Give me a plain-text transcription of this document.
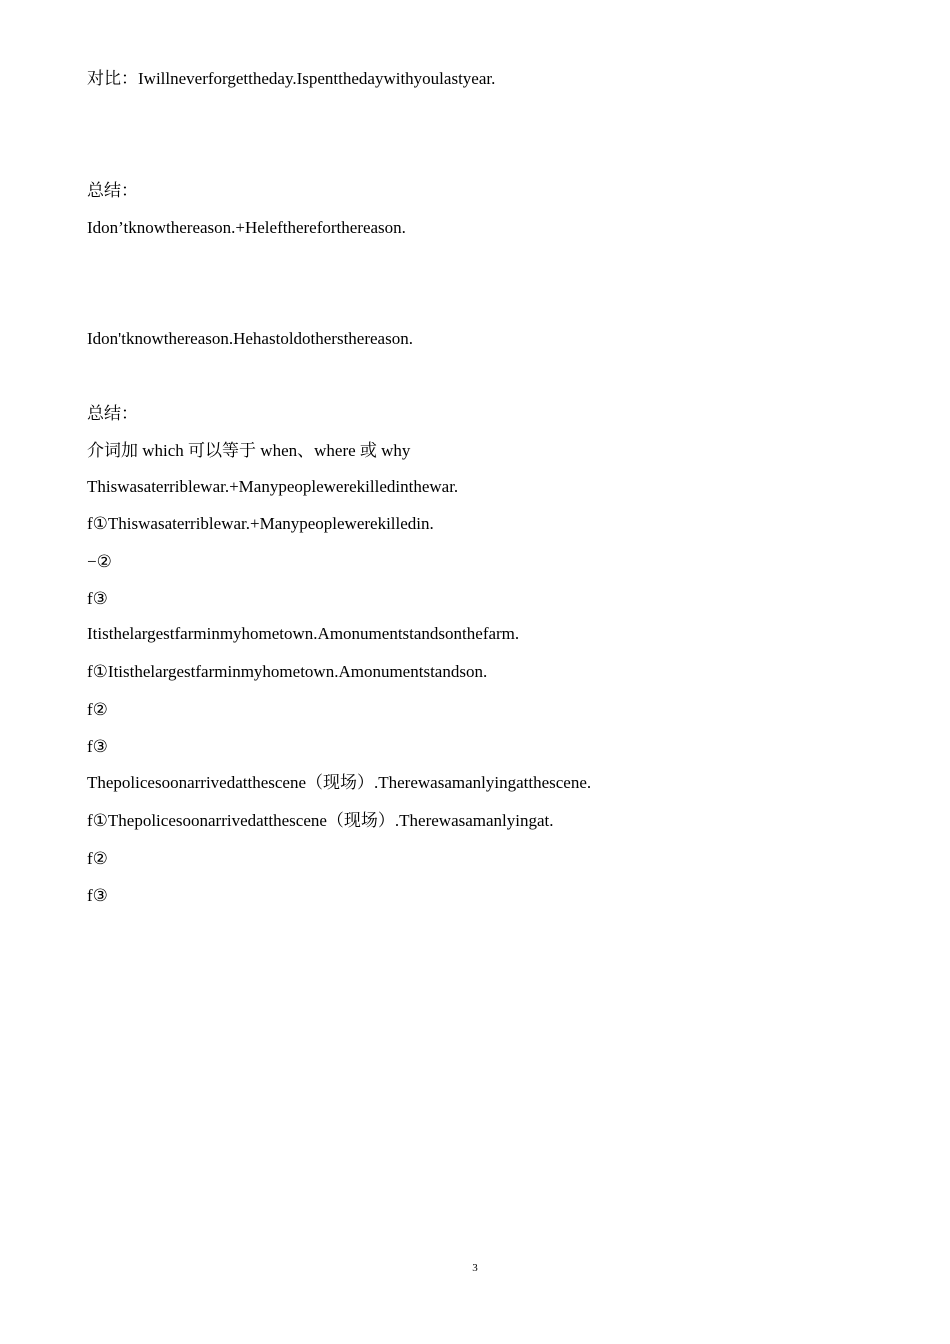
对比：Iwillneverforgettheday.Ispentthedaywithyoulastyear.
总结：
Idon’tknowthereason.+Helefthereforthereason.
Idon'tknowthereason.Hehastoldothersthereason.
总结：
介词加 which 可以等于 when、where 或 why
Thiswasaterriblewar.+Manypeoplewerekilledinthewar.
f①Thiswasaterriblewar.+Manypeoplewerekilledin.
−②
f③
Itisthelargestfarminmyhometown.Amonumentstandsonthefarm.
f①Itisthelargestfarminmyhometown.Amonumentstandson.
f②
f③
Thepolicesoonarrivedatthescene（现场）.Therewasamanlyingatthescene.
f①Thepolicesoonarrivedatthescene（现场）.Therewasamanlyingat.
f②
f③
3
